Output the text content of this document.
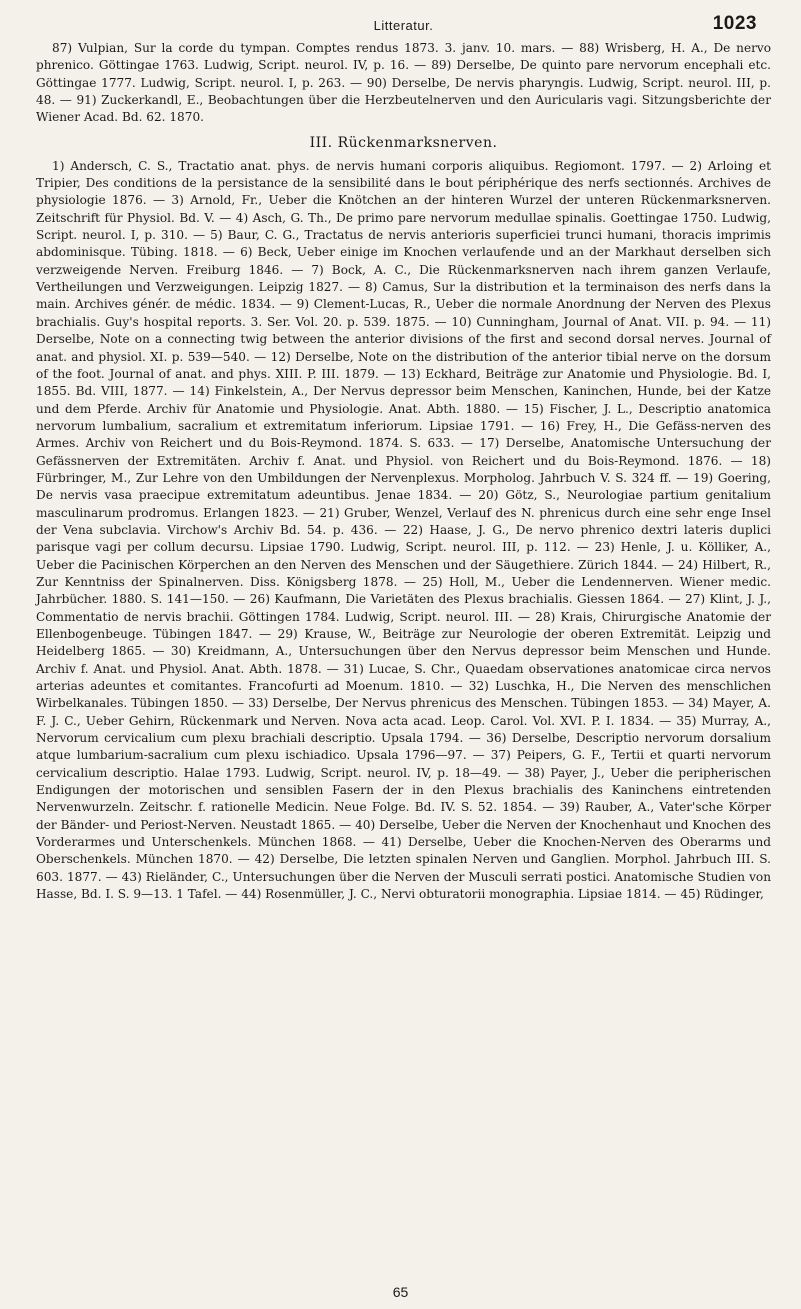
Litteratur.	1023

87) Vulpian, Sur la corde du tympan. Comptes rendus 1873. 3. janv. 10. mars. — 88) Wrisberg, H. A., De nervo phrenico. Göttingae 1763. Ludwig, Script. neurol. IV, p. 16. — 89) Derselbe, De quinto pare nervorum encephali etc. Göttingae 1777. Ludwig, Script. neurol. I, p. 263. — 90) Derselbe, De nervis pharyngis. Ludwig, Script. neurol. III, p. 48. — 91) Zuckerkandl, E., Beobachtungen über die Herzbeutelnerven und den Auricularis vagi. Sitzungsberichte der Wiener Acad. Bd. 62. 1870.

III. Rückenmarksnerven.

1) Andersch, C. S., Tractatio anat. phys. de nervis humani corporis aliquibus. Regiomont. 1797. — 2) Arloing et Tripier, Des conditions de la persistance de la sensibilité dans le bout périphérique des nerfs sectionnés. Archives de physiologie 1876. — 3) Arnold, Fr., Ueber die Knötchen an der hinteren Wurzel der unteren Rückenmarksnerven. Zeitschrift für Physiol. Bd. V. — 4) Asch, G. Th., De primo pare nervorum medullae spinalis. Goettingae 1750. Ludwig, Script. neurol. I, p. 310. — 5) Baur, C. G., Tractatus de nervis anterioris superficiei trunci humani, thoracis imprimis abdominisque. Tübing. 1818. — 6) Beck, Ueber einige im Knochen verlaufende und an der Markhaut derselben sich verzweigende Nerven. Freiburg 1846. — 7) Bock, A. C., Die Rückenmarksnerven nach ihrem ganzen Verlaufe, Vertheilungen und Verzweigungen. Leipzig 1827. — 8) Camus, Sur la distribution et la terminaison des nerfs dans la main. Archives génér. de médic. 1834. — 9) Clement-Lucas, R., Ueber die normale Anordnung der Nerven des Plexus brachialis. Guy's hospital reports. 3. Ser. Vol. 20. p. 539. 1875. — 10) Cunningham, Journal of Anat. VII. p. 94. — 11) Derselbe, Note on a connecting twig between the anterior divisions of the first and second dorsal nerves. Journal of anat. and physiol. XI. p. 539—540. — 12) Derselbe, Note on the distribution of the anterior tibial nerve on the dorsum of the foot. Journal of anat. and phys. XIII. P. III. 1879. — 13) Eckhard, Beiträge zur Anatomie und Physiologie. Bd. I, 1855. Bd. VIII, 1877. — 14) Finkelstein, A., Der Nervus depressor beim Menschen, Kaninchen, Hunde, bei der Katze und dem Pferde. Archiv für Anatomie und Physiologie. Anat. Abth. 1880. — 15) Fischer, J. L., Descriptio anatomica nervorum lumbalium, sacralium et extremitatum inferiorum. Lipsiae 1791. — 16) Frey, H., Die Gefäss-nerven des Armes. Archiv von Reichert und du Bois-Reymond. 1874. S. 633. — 17) Derselbe, Anatomische Untersuchung der Gefässnerven der Extremitäten. Archiv f. Anat. und Physiol. von Reichert und du Bois-Reymond. 1876. — 18) Fürbringer, M., Zur Lehre von den Umbildungen der Nervenplexus. Morpholog. Jahrbuch V. S. 324 ff. — 19) Goering, De nervis vasa praecipue extremitatum adeuntibus. Jenae 1834. — 20) Götz, S., Neurologiae partium genitalium masculinarum prodromus. Erlangen 1823. — 21) Gruber, Wenzel, Verlauf des N. phrenicus durch eine sehr enge Insel der Vena subclavia. Virchow's Archiv Bd. 54. p. 436. — 22) Haase, J. G., De nervo phrenico dextri lateris duplici parisque vagi per collum decursu. Lipsiae 1790. Ludwig, Script. neurol. III, p. 112. — 23) Henle, J. u. Kölliker, A., Ueber die Pacinischen Körperchen an den Nerven des Menschen und der Säugethiere. Zürich 1844. — 24) Hilbert, R., Zur Kenntniss der Spinalnerven. Diss. Königsberg 1878. — 25) Holl, M., Ueber die Lendennerven. Wiener medic. Jahrbücher. 1880. S. 141—150. — 26) Kaufmann, Die Varietäten des Plexus brachialis. Giessen 1864. — 27) Klint, J. J., Commentatio de nervis brachii. Göttingen 1784. Ludwig, Script. neurol. III. — 28) Krais, Chirurgische Anatomie der Ellenbogenbeuge. Tübingen 1847. — 29) Krause, W., Beiträge zur Neurologie der oberen Extremität. Leipzig und Heidelberg 1865. — 30) Kreidmann, A., Untersuchungen über den Nervus depressor beim Menschen und Hunde. Archiv f. Anat. und Physiol. Anat. Abth. 1878. — 31) Lucae, S. Chr., Quaedam observationes anatomicae circa nervos arterias adeuntes et comitantes. Francofurti ad Moenum. 1810. — 32) Luschka, H., Die Nerven des menschlichen Wirbelkanales. Tübingen 1850. — 33) Derselbe, Der Nervus phrenicus des Menschen. Tübingen 1853. — 34) Mayer, A. F. J. C., Ueber Gehirn, Rückenmark und Nerven. Nova acta acad. Leop. Carol. Vol. XVI. P. I. 1834. — 35) Murray, A., Nervorum cervicalium cum plexu brachiali descriptio. Upsala 1794. — 36) Derselbe, Descriptio nervorum dorsalium atque lumbarium-sacralium cum plexu ischiadico. Upsala 1796—97. — 37) Peipers, G. F., Tertii et quarti nervorum cervicalium descriptio. Halae 1793. Ludwig, Script. neurol. IV, p. 18—49. — 38) Payer, J., Ueber die peripherischen Endigungen der motorischen und sensiblen Fasern der in den Plexus brachialis des Kaninchens eintretenden Nervenwurzeln. Zeitschr. f. rationelle Medicin. Neue Folge. Bd. IV. S. 52. 1854. — 39) Rauber, A., Vater'sche Körper der Bänder- und Periost-Nerven. Neustadt 1865. — 40) Derselbe, Ueber die Nerven der Knochenhaut und Knochen des Vorderarmes und Unterschenkels. München 1868. — 41) Derselbe, Ueber die Knochen-Nerven des Oberarms und Oberschenkels. München 1870. — 42) Derselbe, Die letzten spinalen Nerven und Ganglien. Morphol. Jahrbuch III. S. 603. 1877. — 43) Rieländer, C., Untersuchungen über die Nerven der Musculi serrati postici. Anatomische Studien von Hasse, Bd. I. S. 9—13. 1 Tafel. — 44) Rosenmüller, J. C., Nervi obturatorii monographia. Lipsiae 1814. — 45) Rüdinger,

65
